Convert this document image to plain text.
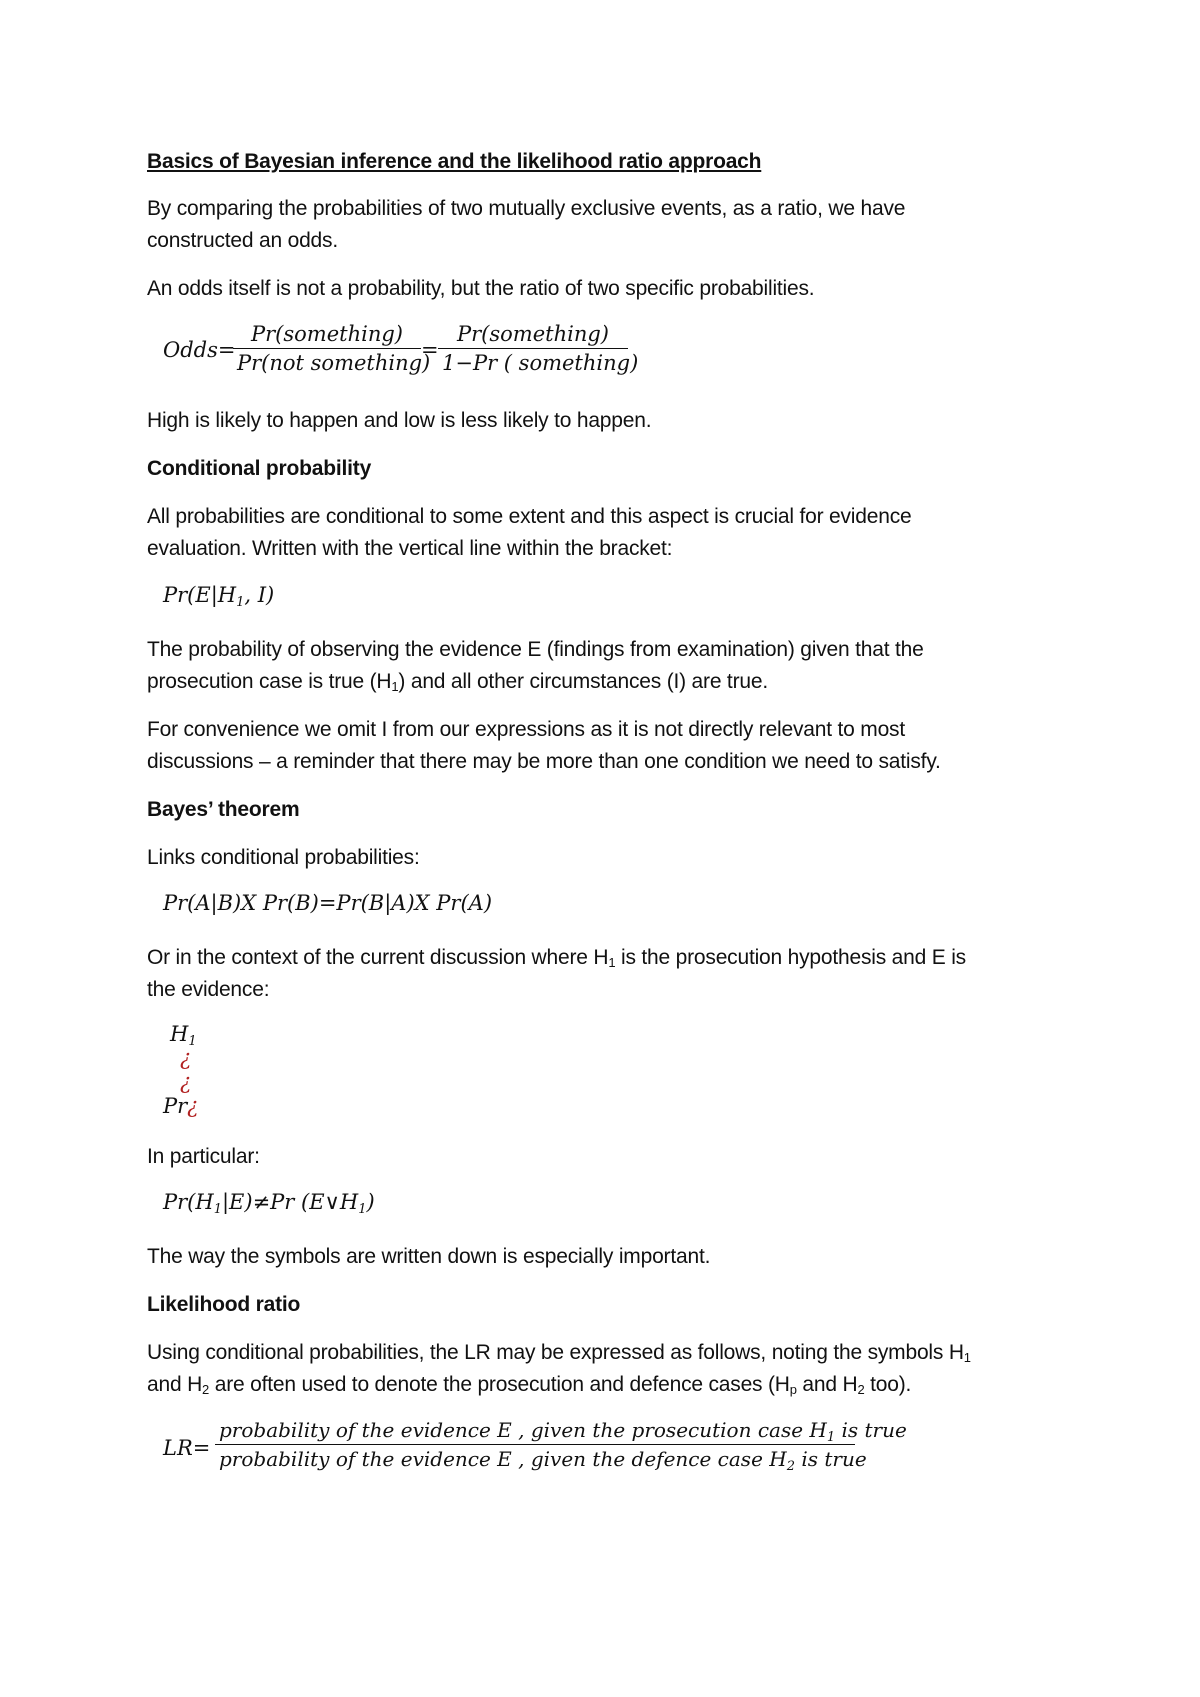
Basics of Bayesian inference and the likelihood ratio approach

By comparing the probabilities of two mutually exclusive events, as a ratio, we have

constructed an odds.

An odds itself is not a probability, but the ratio of two specific probabilities.

Odds=
Pr(something)
Pr(not something)
=
Pr(something)
1−Pr ( something)

High is likely to happen and low is less likely to happen.

Conditional probability

All probabilities are conditional to some extent and this aspect is crucial for evidence

evaluation. Written with the vertical line within the bracket:

$Pr(E|H_1$, I)

The probability of observing the evidence E (findings from examination) given that the

prosecution case is true $(H_1)$ and all other circumstances (I) are true.

For convenience we omit I from our expressions as it is not directly relevant to most

discussions – a reminder that there may be more than one condition we need to satisfy.

Bayes’ theorem

Links conditional probabilities:

Pr(A|B)X Pr(B)=Pr(B|A)X Pr(A)

Or in the context of the current discussion where $H_1$ is the prosecution hypothesis and E is

the evidence:

$H_1$
¿
¿
Pr¿

In particular:

$Pr(H_1|E)\ne Pr$ $(E\vee H_1)$

The way the symbols are written down is especially important.

Likelihood ratio

Using conditional probabilities, the LR may be expressed as follows, noting the symbols $H_1$

and $H_2$ are often used to denote the prosecution and defence cases ($H_p$ and $H_2$ too).

LR=
probability of the evidence E , given the prosecution case $H_1$ is true
probability of the evidence E , given the defence case $H_2$ is true
